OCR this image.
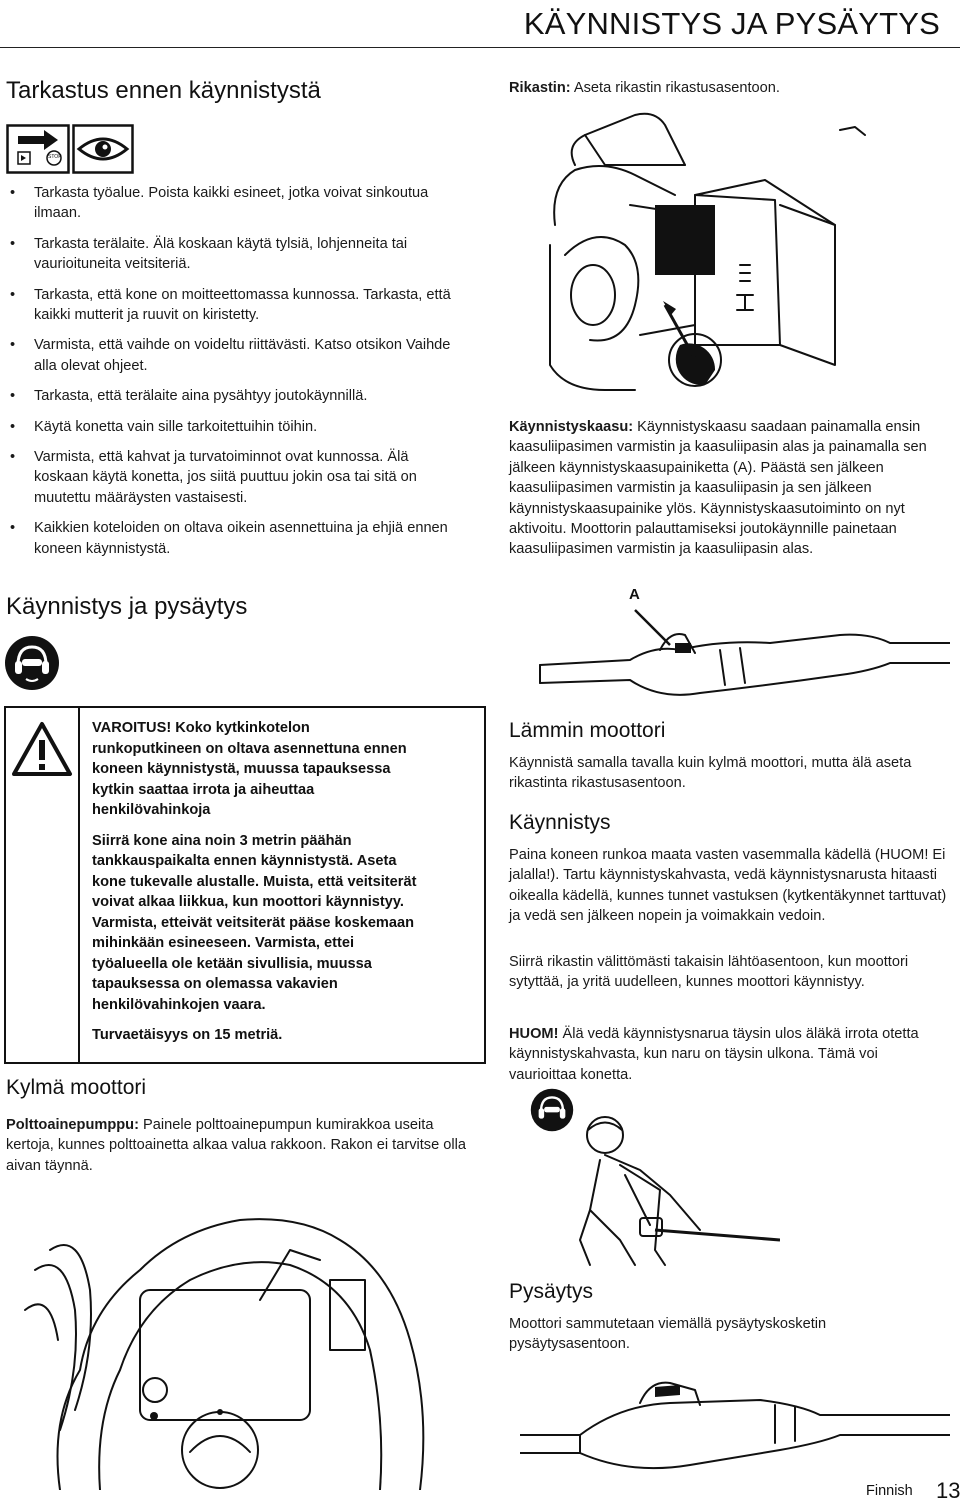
KÄYNNISTYS JA PYSÄYTYS
Tarkastus ennen käynnistystä
STOP
• Tarkasta työalue. Poista kaikki esineet, jotka voivat sinkoutua ilmaan.
• Tarkasta terälaite. Älä koskaan käytä tylsiä, lohjenneita tai vaurioituneita veitsiteriä.
• Tarkasta, että kone on moitteettomassa kunnossa. Tarkasta, että kaikki mutterit ja ruuvit on kiristetty.
• Varmista, että vaihde on voideltu riittävästi. Katso otsikon Vaihde alla olevat ohjeet.
• Tarkasta, että terälaite aina pysähtyy joutokäynnillä.
• Käytä konetta vain sille tarkoitettuihin töihin.
• Varmista, että kahvat ja turvatoiminnot ovat kunnossa. Älä koskaan käytä konetta, jos siitä puuttuu jokin osa tai sitä on muutettu määräysten vastaisesti.
• Kaikkien koteloiden on oltava oikein asennettuina ja ehjiä ennen koneen käynnistystä.
Käynnistys ja pysäytys

VAROITUS! Koko kytkinkotelon runkoputkineen on oltava asennettuna ennen koneen käynnistystä, muussa tapauksessa kytkin saattaa irrota ja aiheuttaa henkilövahinkoja

Siirrä kone aina noin 3 metrin päähän tankkauspaikalta ennen käynnistystä. Aseta kone tukevalle alustalle. Muista, että veitsiterät voivat alkaa liikkua, kun moottori käynnistyy. Varmista, etteivät veitsiterät pääse koskemaan mihinkään esineeseen. Varmista, ettei työalueella ole ketään sivullisia, muussa tapauksessa on olemassa vakavien henkilövahinkojen vaara.

Turvaetäisyys on 15 metriä.

Kylmä moottori
Polttoainepumppu: Painele polttoainepumpun kumirakkoa useita kertoja, kunnes polttoainetta alkaa valua rakkoon. Rakon ei tarvitse olla aivan täynnä.
Rikastin: Aseta rikastin rikastusasentoon.
Käynnistyskaasu: Käynnistyskaasu saadaan painamalla ensin kaasuliipasimen varmistin ja kaasuliipasin alas ja painamalla sen jälkeen käynnistyskaasupainiketta (A). Päästä sen jälkeen kaasuliipasimen varmistin ja kaasuliipasin ja sen jälkeen käynnistyskaasupainike ylös. Käynnistyskaasutoiminto on nyt aktivoitu. Moottorin palauttamiseksi joutokäynnille painetaan kaasuliipasimen varmistin ja kaasuliipasin alas.
A
Lämmin moottori
Käynnistä samalla tavalla kuin kylmä moottori, mutta älä aseta rikastinta rikastusasentoon.
Käynnistys
Paina koneen runkoa maata vasten vasemmalla kädellä (HUOM! Ei jalalla!). Tartu käynnistyskahvasta, vedä käynnistysnarusta hitaasti oikealla kädellä, kunnes tunnet vastuksen (kytkentäkynnet tarttuvat) ja vedä sen jälkeen nopein ja voimakkain vedoin.
Siirrä rikastin välittömästi takaisin lähtöasentoon, kun moottori sytyttää, ja yritä uudelleen, kunnes moottori käynnistyy.
HUOM! Älä vedä käynnistysnarua täysin ulos äläkä irrota otetta käynnistyskahvasta, kun naru on täysin ulkona. Tämä voi vaurioittaa konetta.
Pysäytys
Moottori sammutetaan viemällä pysäytyskosketin pysäytysasentoon.
Finnish 13
